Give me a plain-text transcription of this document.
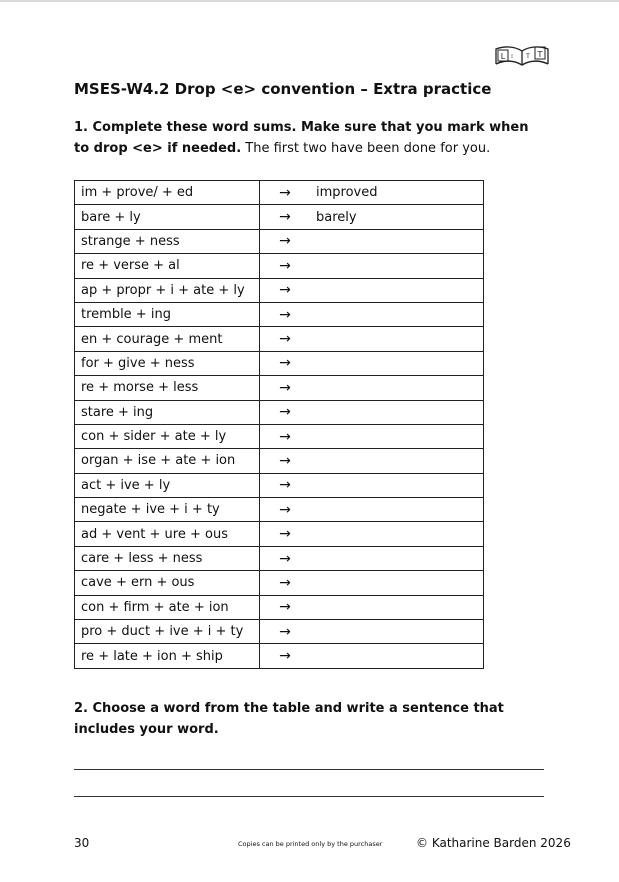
L I T T
MSES-W4.2 Drop <e> convention – Extra practice
1. Complete these word sums. Make sure that you mark when to drop <e> if needed. The first two have been done for you.
im + prove/ + ed	→	improved
bare + ly	→	barely
strange + ness	→	
re + verse + al	→	
ap + propr + i + ate + ly	→	
tremble + ing	→	
en + courage + ment	→	
for + give + ness	→	
re + morse + less	→	
stare + ing	→	
con + sider + ate + ly	→	
organ + ise + ate + ion	→	
act + ive + ly	→	
negate + ive + i + ty	→	
ad + vent + ure + ous	→	
care + less + ness	→	
cave + ern + ous	→	
con + firm + ate + ion	→	
pro + duct + ive + i + ty	→	
re + late + ion + ship	→	
2. Choose a word from the table and write a sentence that includes your word.
30	Copies can be printed only by the purchaser	© Katharine Barden 2026
